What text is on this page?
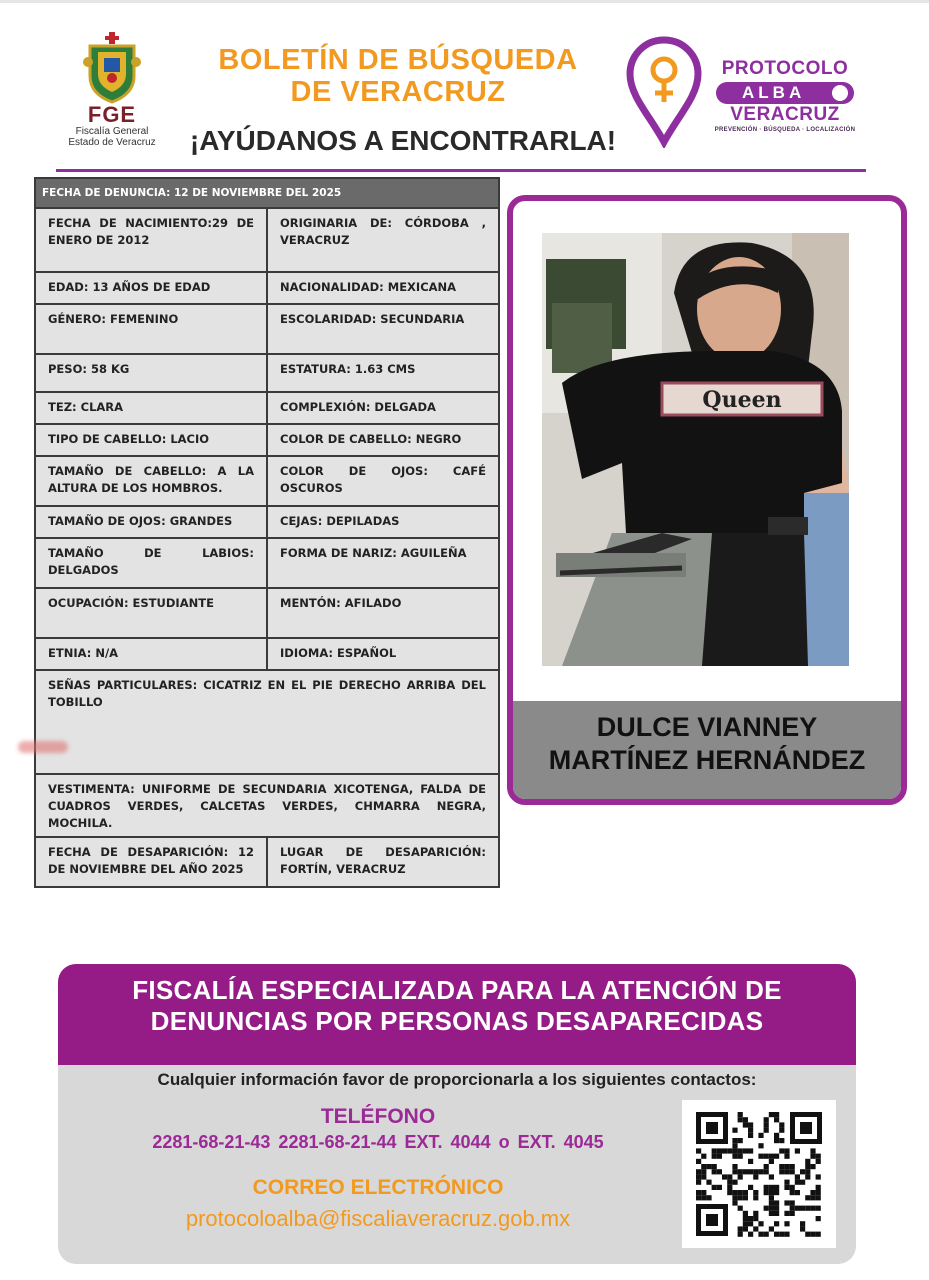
FGE
Fiscalía General
Estado de Veracruz
BOLETÍN DE BÚSQUEDA
DE VERACRUZ
¡AYÚDANOS A ENCONTRARLA!
PROTOCOLO
ALBA
VERACRUZ
PREVENCIÓN · BÚSQUEDA · LOCALIZACIÓN
FECHA DE DENUNCIA: 12 DE NOVIEMBRE DEL 2025	
FECHA DE NACIMIENTO:29 DE ENERO DE 2012	ORIGINARIA DE: CÓRDOBA , VERACRUZ
EDAD: 13 AÑOS DE EDAD	NACIONALIDAD: MEXICANA
GÉNERO: FEMENINO	ESCOLARIDAD: SECUNDARIA
PESO: 58 KG	ESTATURA: 1.63 CMS
TEZ: CLARA	COMPLEXIÓN: DELGADA
TIPO DE CABELLO: LACIO	COLOR DE CABELLO: NEGRO
TAMAÑO DE CABELLO: A LA ALTURA DE LOS HOMBROS.	COLOR DE OJOS: CAFÉ OSCUROS
TAMAÑO DE OJOS: GRANDES	CEJAS: DEPILADAS
TAMAÑO DE LABIOS: DELGADOS	FORMA DE NARIZ: AGUILEÑA
OCUPACIÓN: ESTUDIANTE	MENTÓN: AFILADO
ETNIA: N/A	IDIOMA: ESPAÑOL
SEÑAS PARTICULARES: CICATRIZ EN EL PIE DERECHO ARRIBA DEL TOBILLO	

VESTIMENTA: UNIFORME DE SECUNDARIA XICOTENGA, FALDA DE CUADROS VERDES, CALCETAS VERDES, CHMARRA NEGRA, MOCHILA.	
FECHA DE DESAPARICIÓN: 12 DE NOVIEMBRE DEL AÑO 2025	LUGAR DE DESAPARICIÓN: FORTÍN, VERACRUZ
Queen
DULCE VIANNEY
MARTÍNEZ HERNÁNDEZ
FISCALÍA ESPECIALIZADA PARA LA ATENCIÓN DE
DENUNCIAS POR PERSONAS DESAPARECIDAS
Cualquier información favor de proporcionarla a los siguientes contactos:
TELÉFONO
2281-68-21-43 2281-68-21-44 EXT. 4044 o EXT. 4045
CORREO ELECTRÓNICO
protocoloalba@fiscaliaveracruz.gob.mx
